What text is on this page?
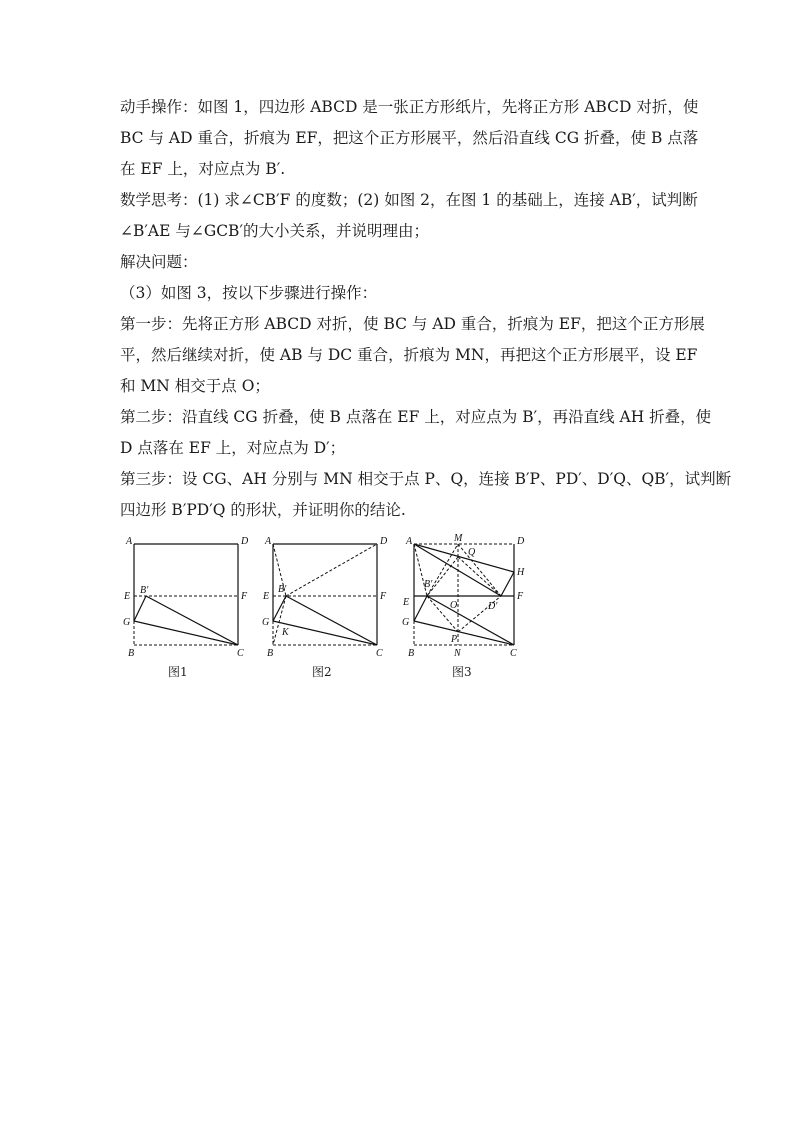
动手操作：如图 1，四边形 ABCD 是一张正方形纸片，先将正方形 ABCD 对折，使
BC 与 AD 重合，折痕为 EF，把这个正方形展平，然后沿直线 CG 折叠，使 B 点落
在 EF 上，对应点为 B′.
数学思考：(1) 求∠CB′F 的度数；(2) 如图 2，在图 1 的基础上，连接 AB′，试判断
∠B′AE 与∠GCB′的大小关系，并说明理由；
解决问题：
（3）如图 3，按以下步骤进行操作：
第一步：先将正方形 ABCD 对折，使 BC 与 AD 重合，折痕为 EF，把这个正方形展
平，然后继续对折，使 AB 与 DC 重合，折痕为 MN，再把这个正方形展平，设 EF
和 MN 相交于点 O；
第二步：沿直线 CG 折叠，使 B 点落在 EF 上，对应点为 B′，再沿直线 AH 折叠，使
D 点落在 EF 上，对应点为 D′；
第三步：设 CG、AH 分别与 MN 相交于点 P、Q，连接 B′P、PD′、D′Q、QB′，试判断
四边形 B′PD′Q 的形状，并证明你的结论.
A	D
E	F
B′
G
B	C
图1
A	D
E	F
B′
G
K
B	C
图2
A	M	D
Q
H
B′
E	O	D′
F
G
P
B	N	C
图3
